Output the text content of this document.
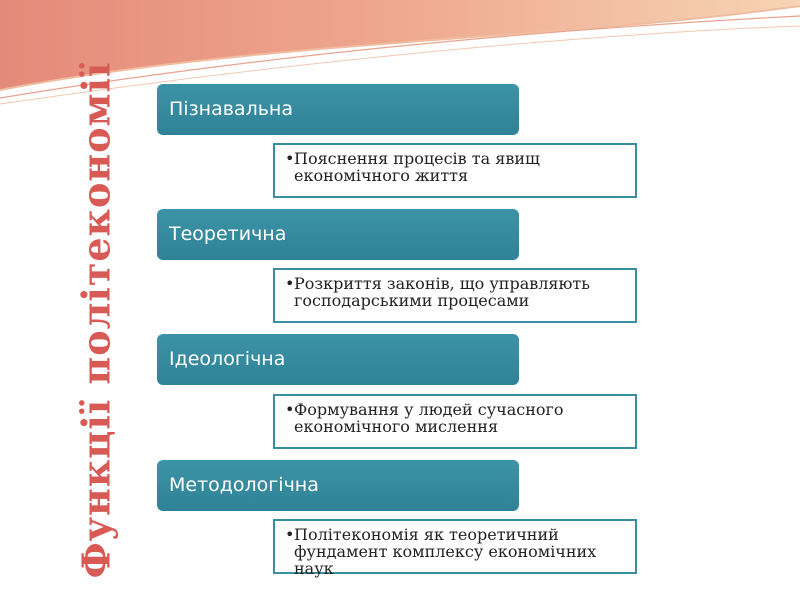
Функції політекономії	Пізнавальна
• Пояснення процесів та явищ економічного життя
Теоретична
• Розкриття законів, що управляють господарськими процесами
Ідеологічна
• Формування у людей сучасного економічного мислення
Методологічна
• Політекономія як теоретичний фундамент комплексу економічних наук
